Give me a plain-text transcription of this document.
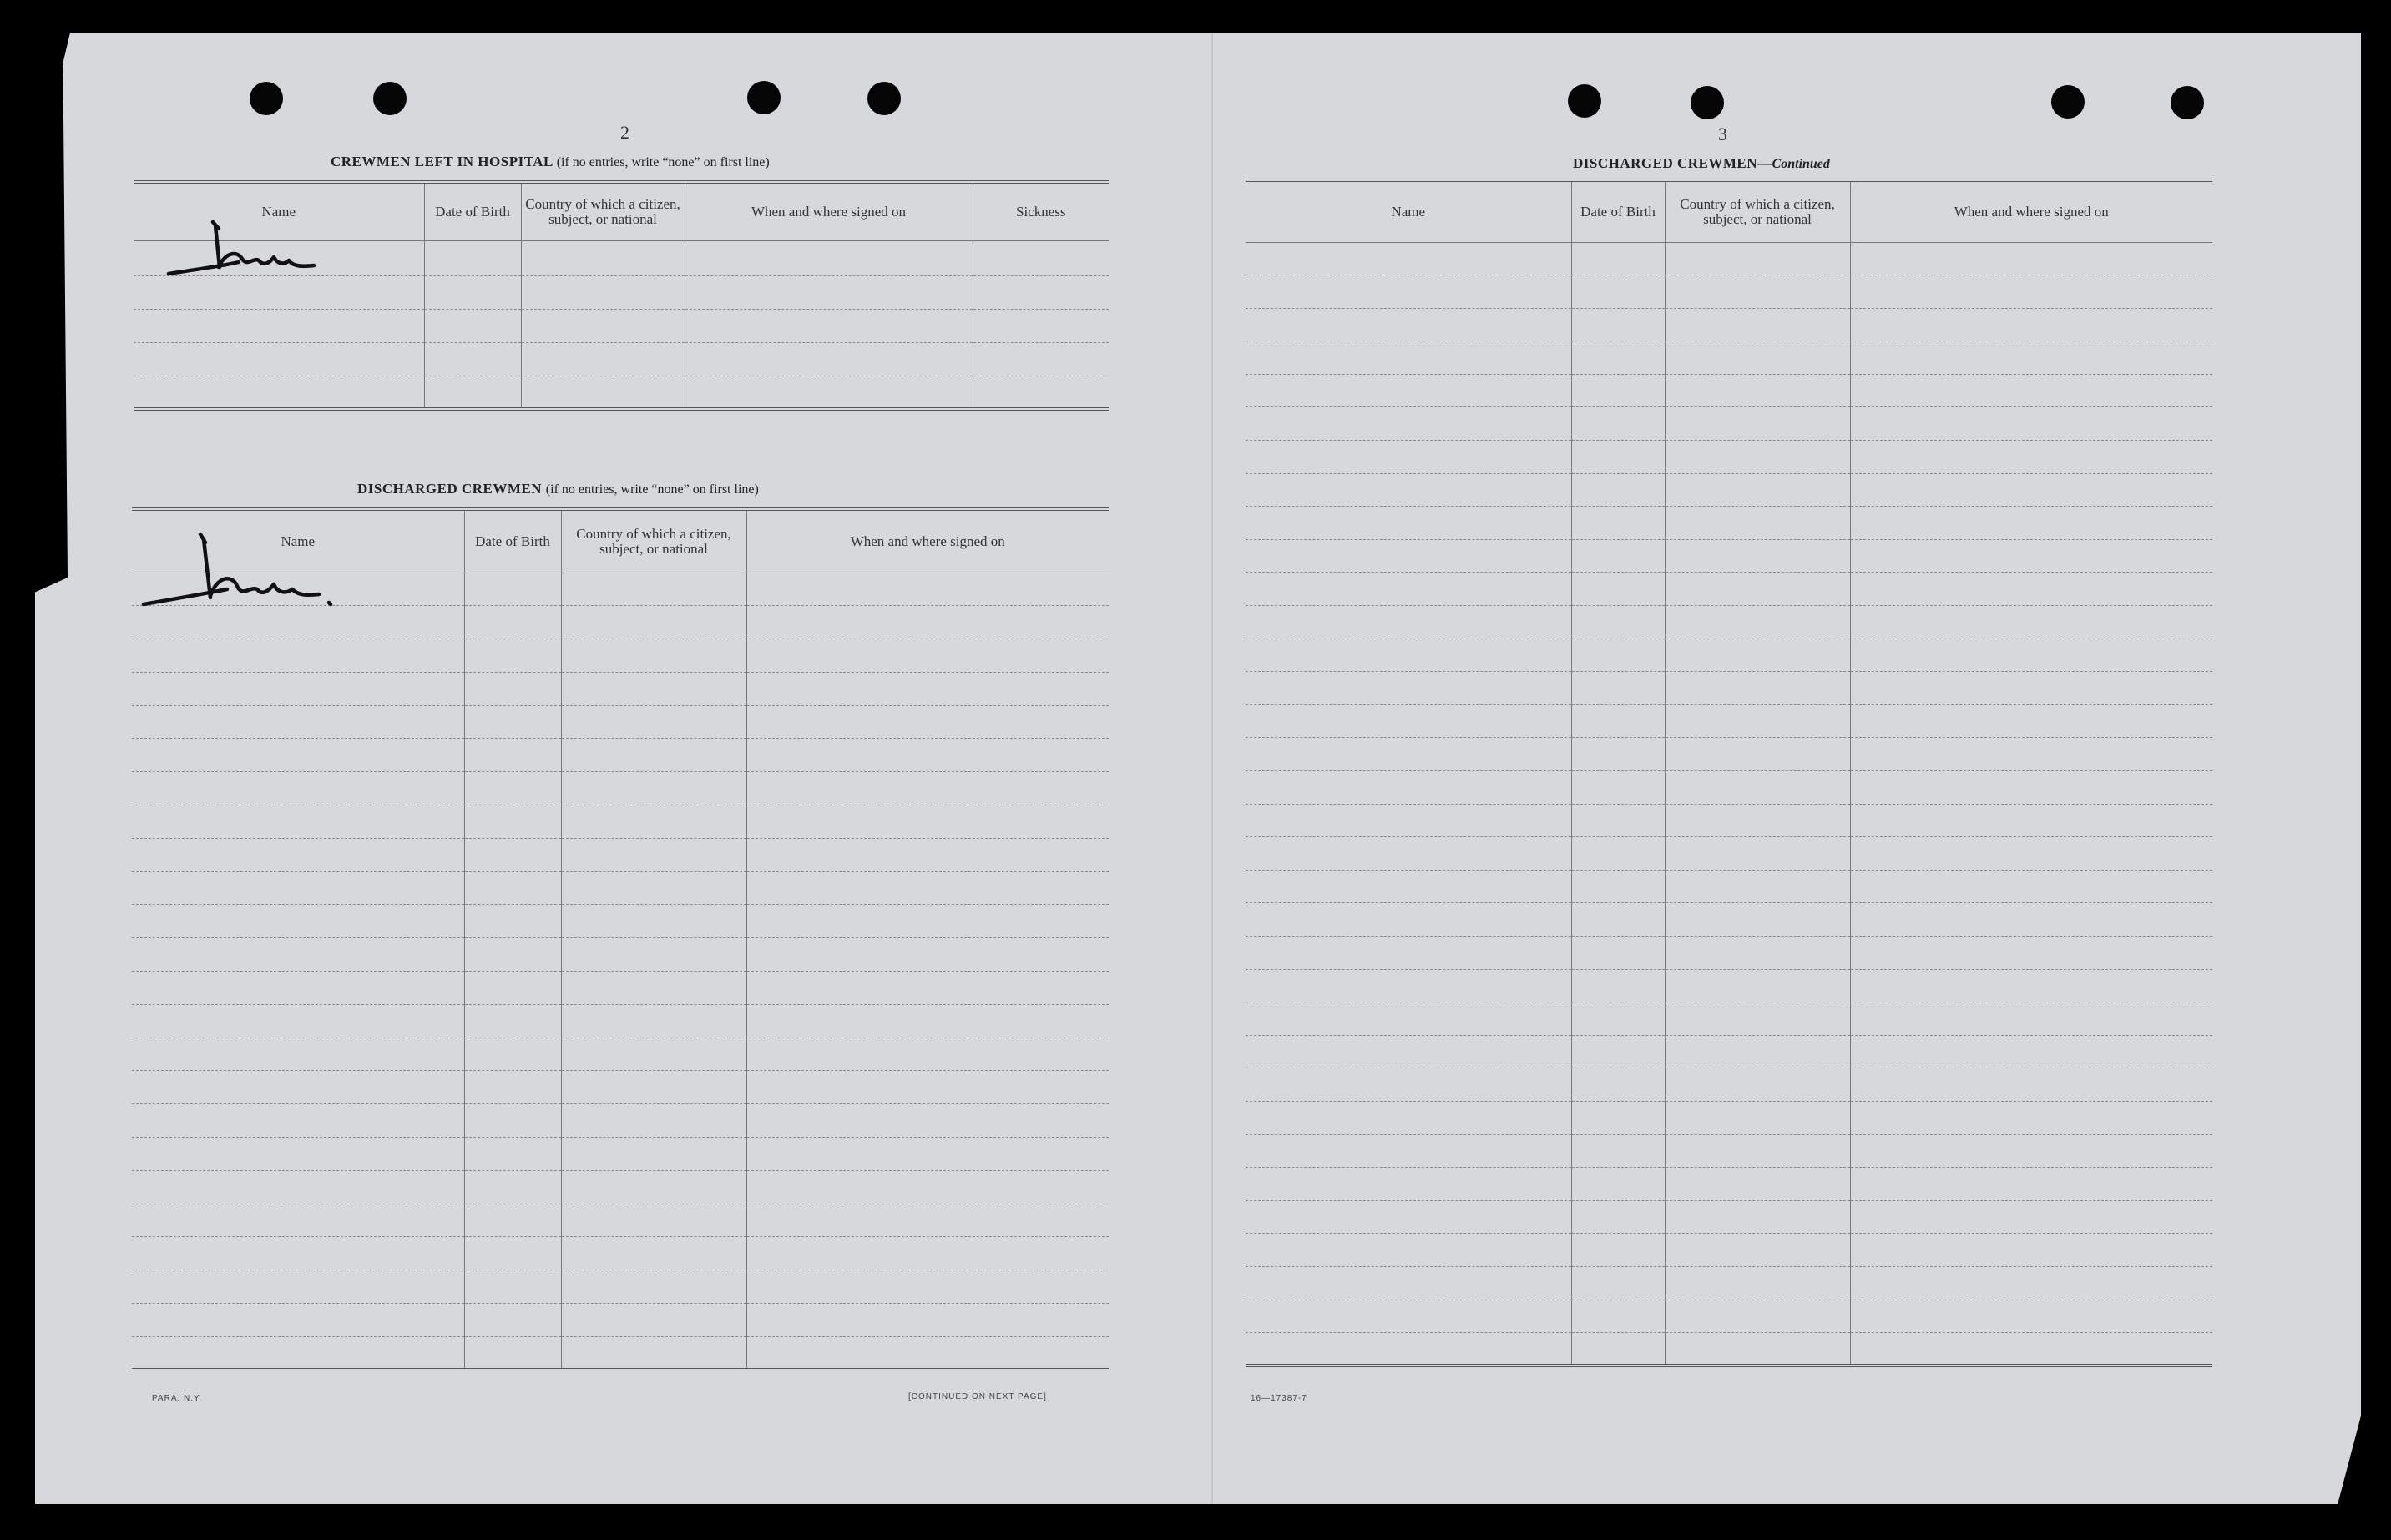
2
CREWMEN LEFT IN HOSPITAL (if no entries, write “none” on first line)
Name	Date of Birth	Country of which a citizen, subject, or national	When and where signed on	Sickness

DISCHARGED CREWMEN (if no entries, write “none” on first line)
Name	Date of Birth	Country of which a citizen, subject, or national	When and where signed on

PARA. N.Y.	[CONTINUED ON NEXT PAGE]
3
DISCHARGED CREWMEN—Continued
Name	Date of Birth	Country of which a citizen, subject, or national	When and where signed on

16—17387-7
